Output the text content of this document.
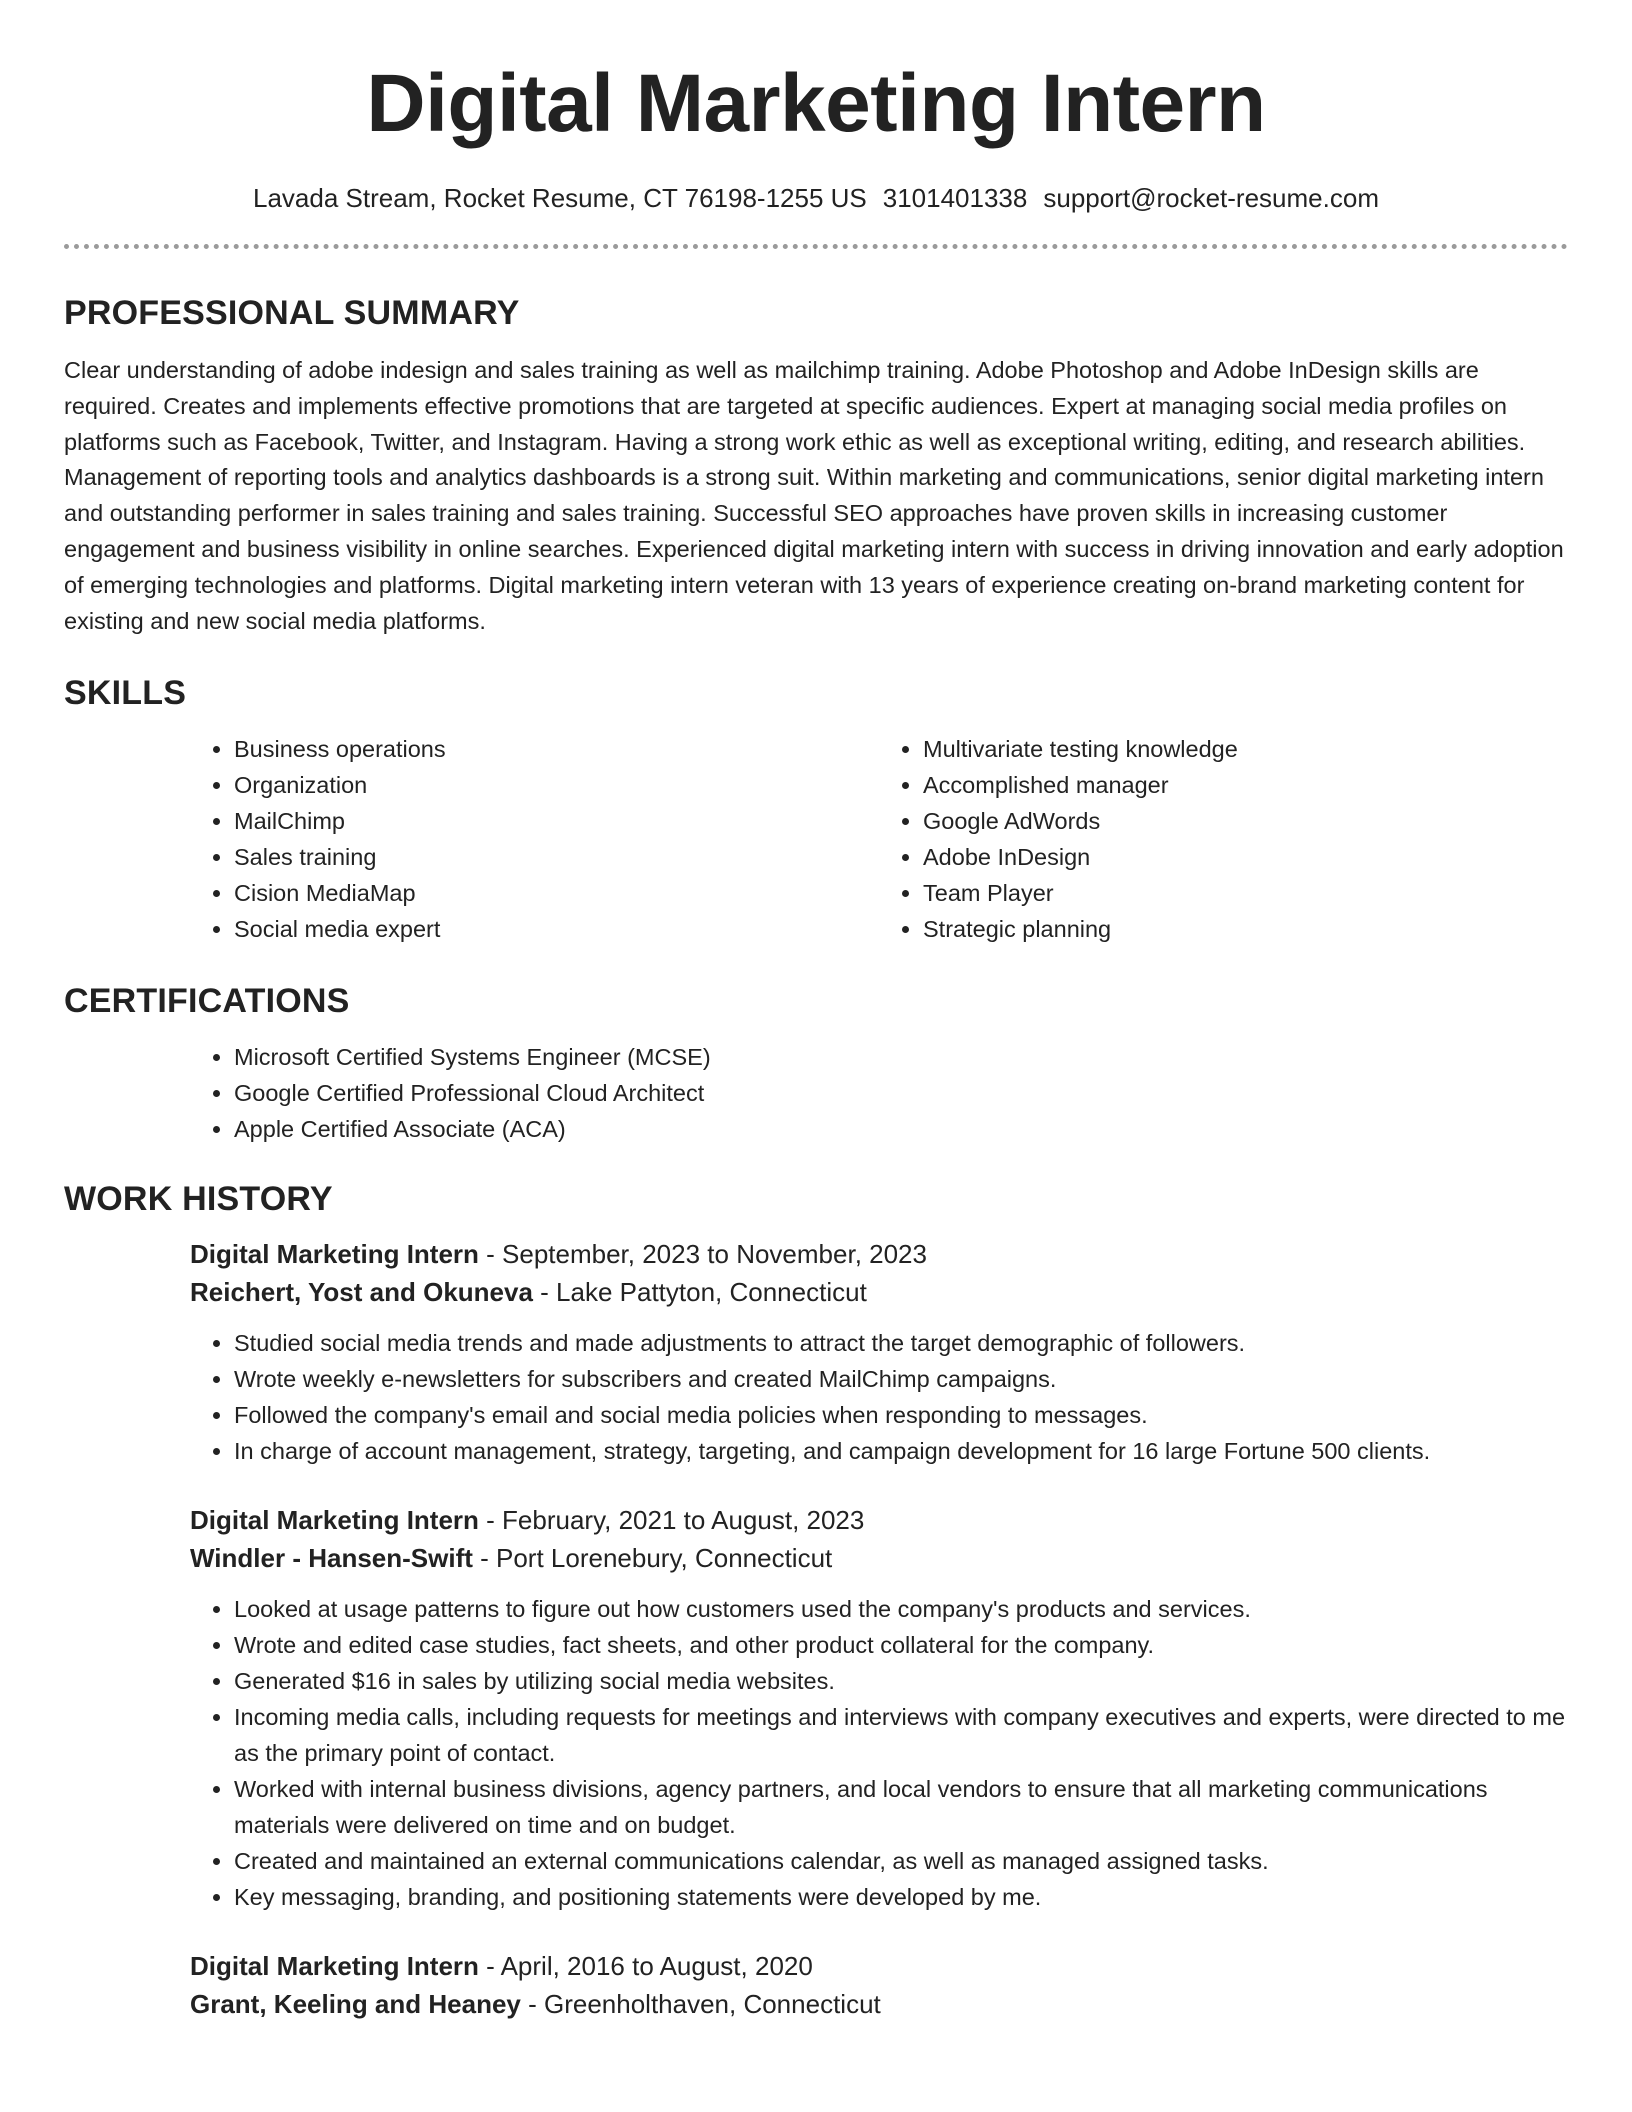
Digital Marketing Intern
Lavada Stream, Rocket Resume, CT 76198-1255 US 3101401338 support@rocket-resume.com
PROFESSIONAL SUMMARY

Clear understanding of adobe indesign and sales training as well as mailchimp training. Adobe Photoshop and Adobe InDesign skills are required. Creates and implements effective promotions that are targeted at specific audiences. Expert at managing social media profiles on platforms such as Facebook, Twitter, and Instagram. Having a strong work ethic as well as exceptional writing, editing, and research abilities. Management of reporting tools and analytics dashboards is a strong suit. Within marketing and communications, senior digital marketing intern and outstanding performer in sales training and sales training. Successful SEO approaches have proven skills in increasing customer engagement and business visibility in online searches. Experienced digital marketing intern with success in driving innovation and early adoption of emerging technologies and platforms. Digital marketing intern veteran with 13 years of experience creating on-brand marketing content for existing and new social media platforms.

SKILLS
• Business operations
• Organization
• MailChimp
• Sales training
• Cision MediaMap
• Social media expert
• Multivariate testing knowledge
• Accomplished manager
• Google AdWords
• Adobe InDesign
• Team Player
• Strategic planning
CERTIFICATIONS
• Microsoft Certified Systems Engineer (MCSE)
• Google Certified Professional Cloud Architect
• Apple Certified Associate (ACA)
WORK HISTORY
Digital Marketing Intern - September, 2023 to November, 2023
Reichert, Yost and Okuneva - Lake Pattyton, Connecticut
• Studied social media trends and made adjustments to attract the target demographic of followers.
• Wrote weekly e-newsletters for subscribers and created MailChimp campaigns.
• Followed the company's email and social media policies when responding to messages.
• In charge of account management, strategy, targeting, and campaign development for 16 large Fortune 500 clients.
Digital Marketing Intern - February, 2021 to August, 2023
Windler - Hansen-Swift - Port Lorenebury, Connecticut
• Looked at usage patterns to figure out how customers used the company's products and services.
• Wrote and edited case studies, fact sheets, and other product collateral for the company.
• Generated $16 in sales by utilizing social media websites.
• Incoming media calls, including requests for meetings and interviews with company executives and experts, were directed to me as the primary point of contact.
• Worked with internal business divisions, agency partners, and local vendors to ensure that all marketing communications materials were delivered on time and on budget.
• Created and maintained an external communications calendar, as well as managed assigned tasks.
• Key messaging, branding, and positioning statements were developed by me.
Digital Marketing Intern - April, 2016 to August, 2020
Grant, Keeling and Heaney - Greenholthaven, Connecticut
